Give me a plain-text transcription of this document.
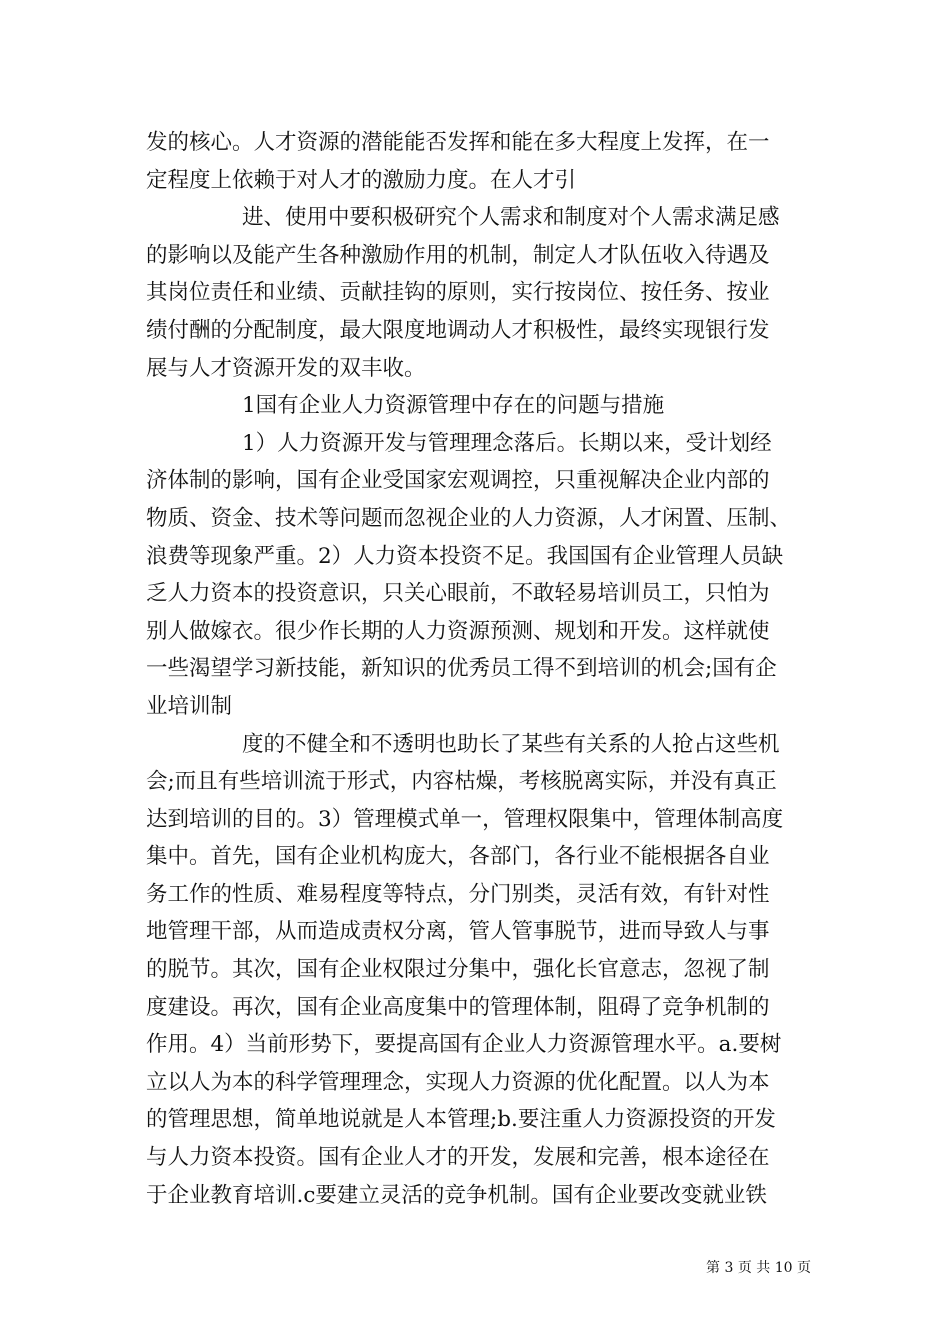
发的核心。人才资源的潜能能否发挥和能在多大程度上发挥，在一
定程度上依赖于对人才的激励力度。在人才引
进、使用中要积极研究个人需求和制度对个人需求满足感
的影响以及能产生各种激励作用的机制，制定人才队伍收入待遇及
其岗位责任和业绩、贡献挂钩的原则，实行按岗位、按任务、按业
绩付酬的分配制度，最大限度地调动人才积极性，最终实现银行发
展与人才资源开发的双丰收。
1国有企业人力资源管理中存在的问题与措施
1）人力资源开发与管理理念落后。长期以来，受计划经
济体制的影响，国有企业受国家宏观调控，只重视解决企业内部的
物质、资金、技术等问题而忽视企业的人力资源，人才闲置、压制、
浪费等现象严重。2）人力资本投资不足。我国国有企业管理人员缺
乏人力资本的投资意识，只关心眼前，不敢轻易培训员工，只怕为
别人做嫁衣。很少作长期的人力资源预测、规划和开发。这样就使
一些渴望学习新技能，新知识的优秀员工得不到培训的机会;国有企
业培训制
度的不健全和不透明也助长了某些有关系的人抢占这些机
会;而且有些培训流于形式，内容枯燥，考核脱离实际，并没有真正
达到培训的目的。3）管理模式单一，管理权限集中，管理体制高度
集中。首先，国有企业机构庞大，各部门，各行业不能根据各自业
务工作的性质、难易程度等特点，分门别类，灵活有效，有针对性
地管理干部，从而造成责权分离，管人管事脱节，进而导致人与事
的脱节。其次，国有企业权限过分集中，强化长官意志，忽视了制
度建设。再次，国有企业高度集中的管理体制，阻碍了竞争机制的
作用。4）当前形势下，要提高国有企业人力资源管理水平。a.要树
立以人为本的科学管理理念，实现人力资源的优化配置。以人为本
的管理思想，简单地说就是人本管理;b.要注重人力资源投资的开发
与人力资本投资。国有企业人才的开发，发展和完善，根本途径在
于企业教育培训.c要建立灵活的竞争机制。国有企业要改变就业铁
第 3 页 共 10 页
